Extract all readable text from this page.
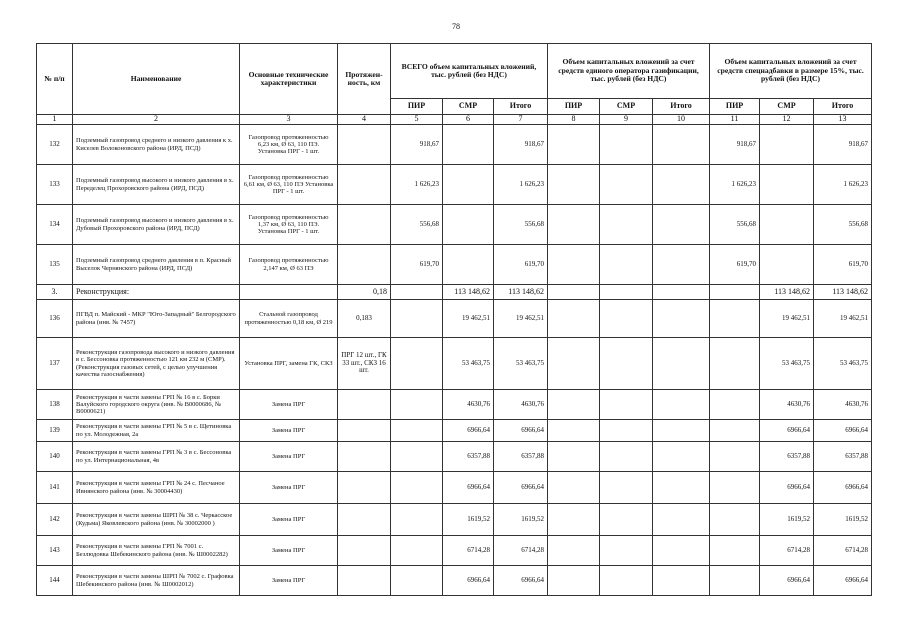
78
№ п/п	Наименование	Основные технические характеристики	Протяжен-ность, км	ВСЕГО объем капитальных вложений, тыс. рублей (без НДС)			Объем капитальных вложений за счет средств единого оператора газификации, тыс. рублей (без НДС)			Объем капитальных вложений за счет средств спецнадбавки в размере 15%, тыс. рублей (без НДС)		
				ПИР	СМР	Итого	ПИР	СМР	Итого	ПИР	СМР	Итого
1	2	3	4	5	6	7	8	9	10	11	12	13
132	Подземный газопровод среднего и низкого давления к х. Киселев Волоконовского района (ИРД, ПСД)	Газопровод протяженностью 6,23 км, Ø 63, 110 ПЭ. Установка ПРГ - 1 шт.		918,67		918,67				918,67		918,67
133	Подземный газопровод высокого и низкого давления в х. Переделец Прохоровского района (ИРД, ПСД)	Газопровод протяженностью 6,61 км, Ø 63, 110 ПЭ Установка ПРГ - 1 шт.		1 626,23		1 626,23				1 626,23		1 626,23
134	Подземный газопровод высокого и низкого давления в х. Дубовый Прохоровского района (ИРД, ПСД)	Газопровод протяженностью 1,37 км, Ø 63, 110 ПЭ. Установка ПРГ - 1 шт.		556,68		556,68				556,68		556,68
135	Подземный газопровод среднего давления в п. Красный Выселок Чернянского района (ИРД, ПСД)	Газопровод протяженностью 2,147 км, Ø 63 ПЭ		619,70		619,70				619,70		619,70
3.	Реконструкция:		0,18		113 148,62	113 148,62					113 148,62	113 148,62
136	ПГВД п. Майский - МКР "Юго-Западный" Белгородского района (инв. № 7457)	Стальной газопровод протяженностью 0,18 км, Ø 219	0,183		19 462,51	19 462,51					19 462,51	19 462,51
137	Реконструкция газопровода высокого и низкого давления в с. Бессоновка протяженностью 121 км 232 м (СМР). (Реконструкция газовых сетей, с целью улучшения качества газоснабжения)	Установка ПРГ, замена ГК, СКЗ	ПРГ 12 шт., ГК 33 шт., СКЗ 16 шт.		53 463,75	53 463,75					53 463,75	53 463,75
138	Реконструкция в части замены ГРП № 16 в с. Борки Валуйского городского округа (инв. № В0000686, № В0000621)	Замена ПРГ			4630,76	4630,76					4630,76	4630,76
139	Реконструкция в части замены ГРП № 5 в с. Щетиновка по ул. Молодежная, 2а	Замена ПРГ			6966,64	6966,64					6966,64	6966,64
140	Реконструкция в части замены ГРП № 3 в с. Бессоновка по ул. Интернациональная, 4в	Замена ПРГ			6357,88	6357,88					6357,88	6357,88
141	Реконструкция в части замены ГРП № 24 с. Песчаное Ивнянского района (инв. № 30004430)	Замена ПРГ			6966,64	6966,64					6966,64	6966,64
142	Реконструкция в части замены ШРП № 38 с. Черкасское (Кудьма) Яковлевского района (инв. № 30002000 )	Замена ПРГ			1619,52	1619,52					1619,52	1619,52
143	Реконструкция в части замены ГРП № 7001 с. Безлюдовка Шебекинского района (инв. № Ш0002282)	Замена ПРГ			6714,28	6714,28					6714,28	6714,28
144	Реконструкция в части замены ШРП № 7002 с. Графовка Шебекинского района (инв. № Ш0002012)	Замена ПРГ			6966,64	6966,64					6966,64	6966,64
